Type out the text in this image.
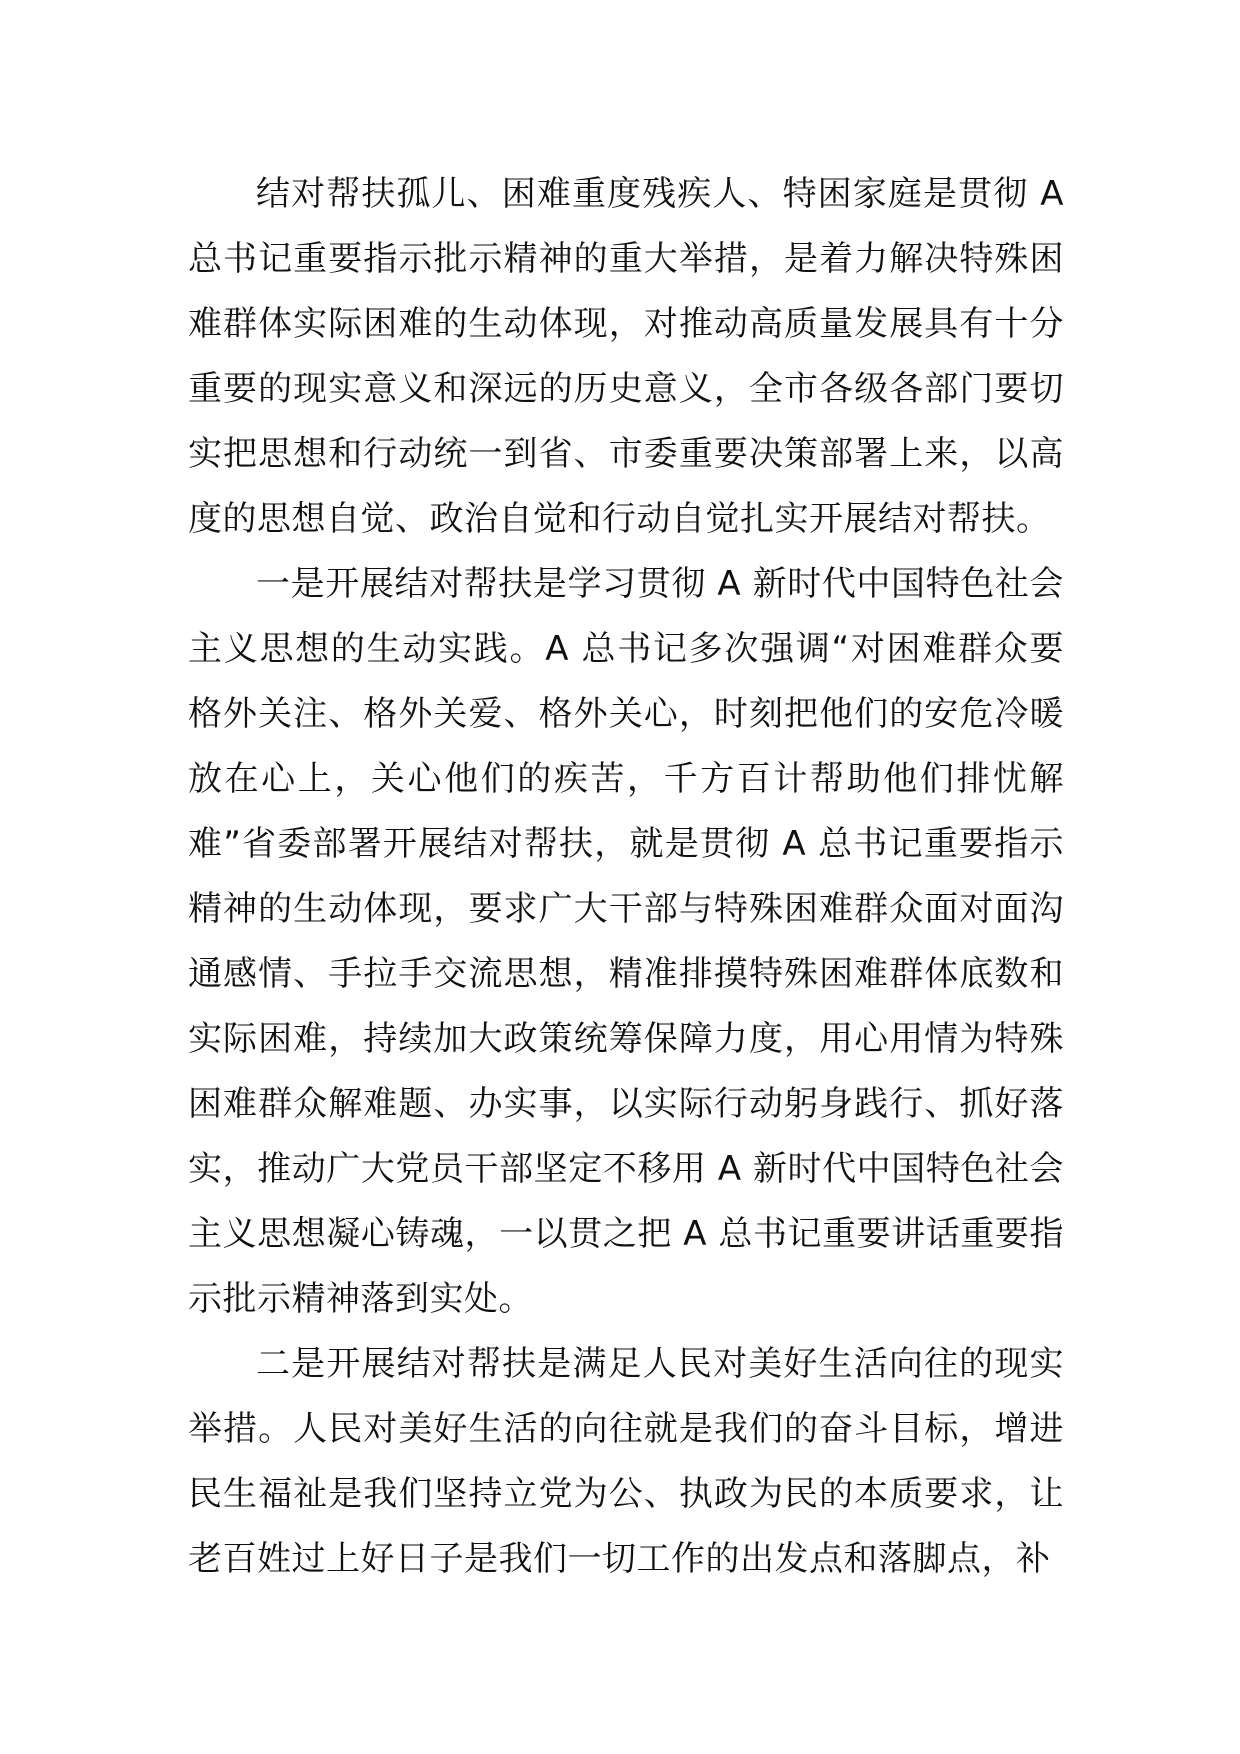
结对帮扶孤儿、困难重度残疾人、特困家庭是贯彻 A 总书记重要指示批示精神的重大举措，是着力解决特殊困难群体实际困难的生动体现，对推动高质量发展具有十分重要的现实意义和深远的历史意义，全市各级各部门要切实把思想和行动统一到省、市委重要决策部署上来，以高度的思想自觉、政治自觉和行动自觉扎实开展结对帮扶。

一是开展结对帮扶是学习贯彻 A 新时代中国特色社会主义思想的生动实践。A 总书记多次强调“对困难群众要格外关注、格外关爱、格外关心，时刻把他们的安危冷暖放在心上，关心他们的疾苦，千方百计帮助他们排忧解难”省委部署开展结对帮扶，就是贯彻 A 总书记重要指示精神的生动体现，要求广大干部与特殊困难群众面对面沟通感情、手拉手交流思想，精准排摸特殊困难群体底数和实际困难，持续加大政策统筹保障力度，用心用情为特殊困难群众解难题、办实事，以实际行动躬身践行、抓好落实，推动广大党员干部坚定不移用 A 新时代中国特色社会主义思想凝心铸魂，一以贯之把 A 总书记重要讲话重要指示批示精神落到实处。

二是开展结对帮扶是满足人民对美好生活向往的现实举措。人民对美好生活的向往就是我们的奋斗目标，增进民生福祉是我们坚持立党为公、执政为民的本质要求，让老百姓过上好日子是我们一切工作的出发点和落脚点，补
